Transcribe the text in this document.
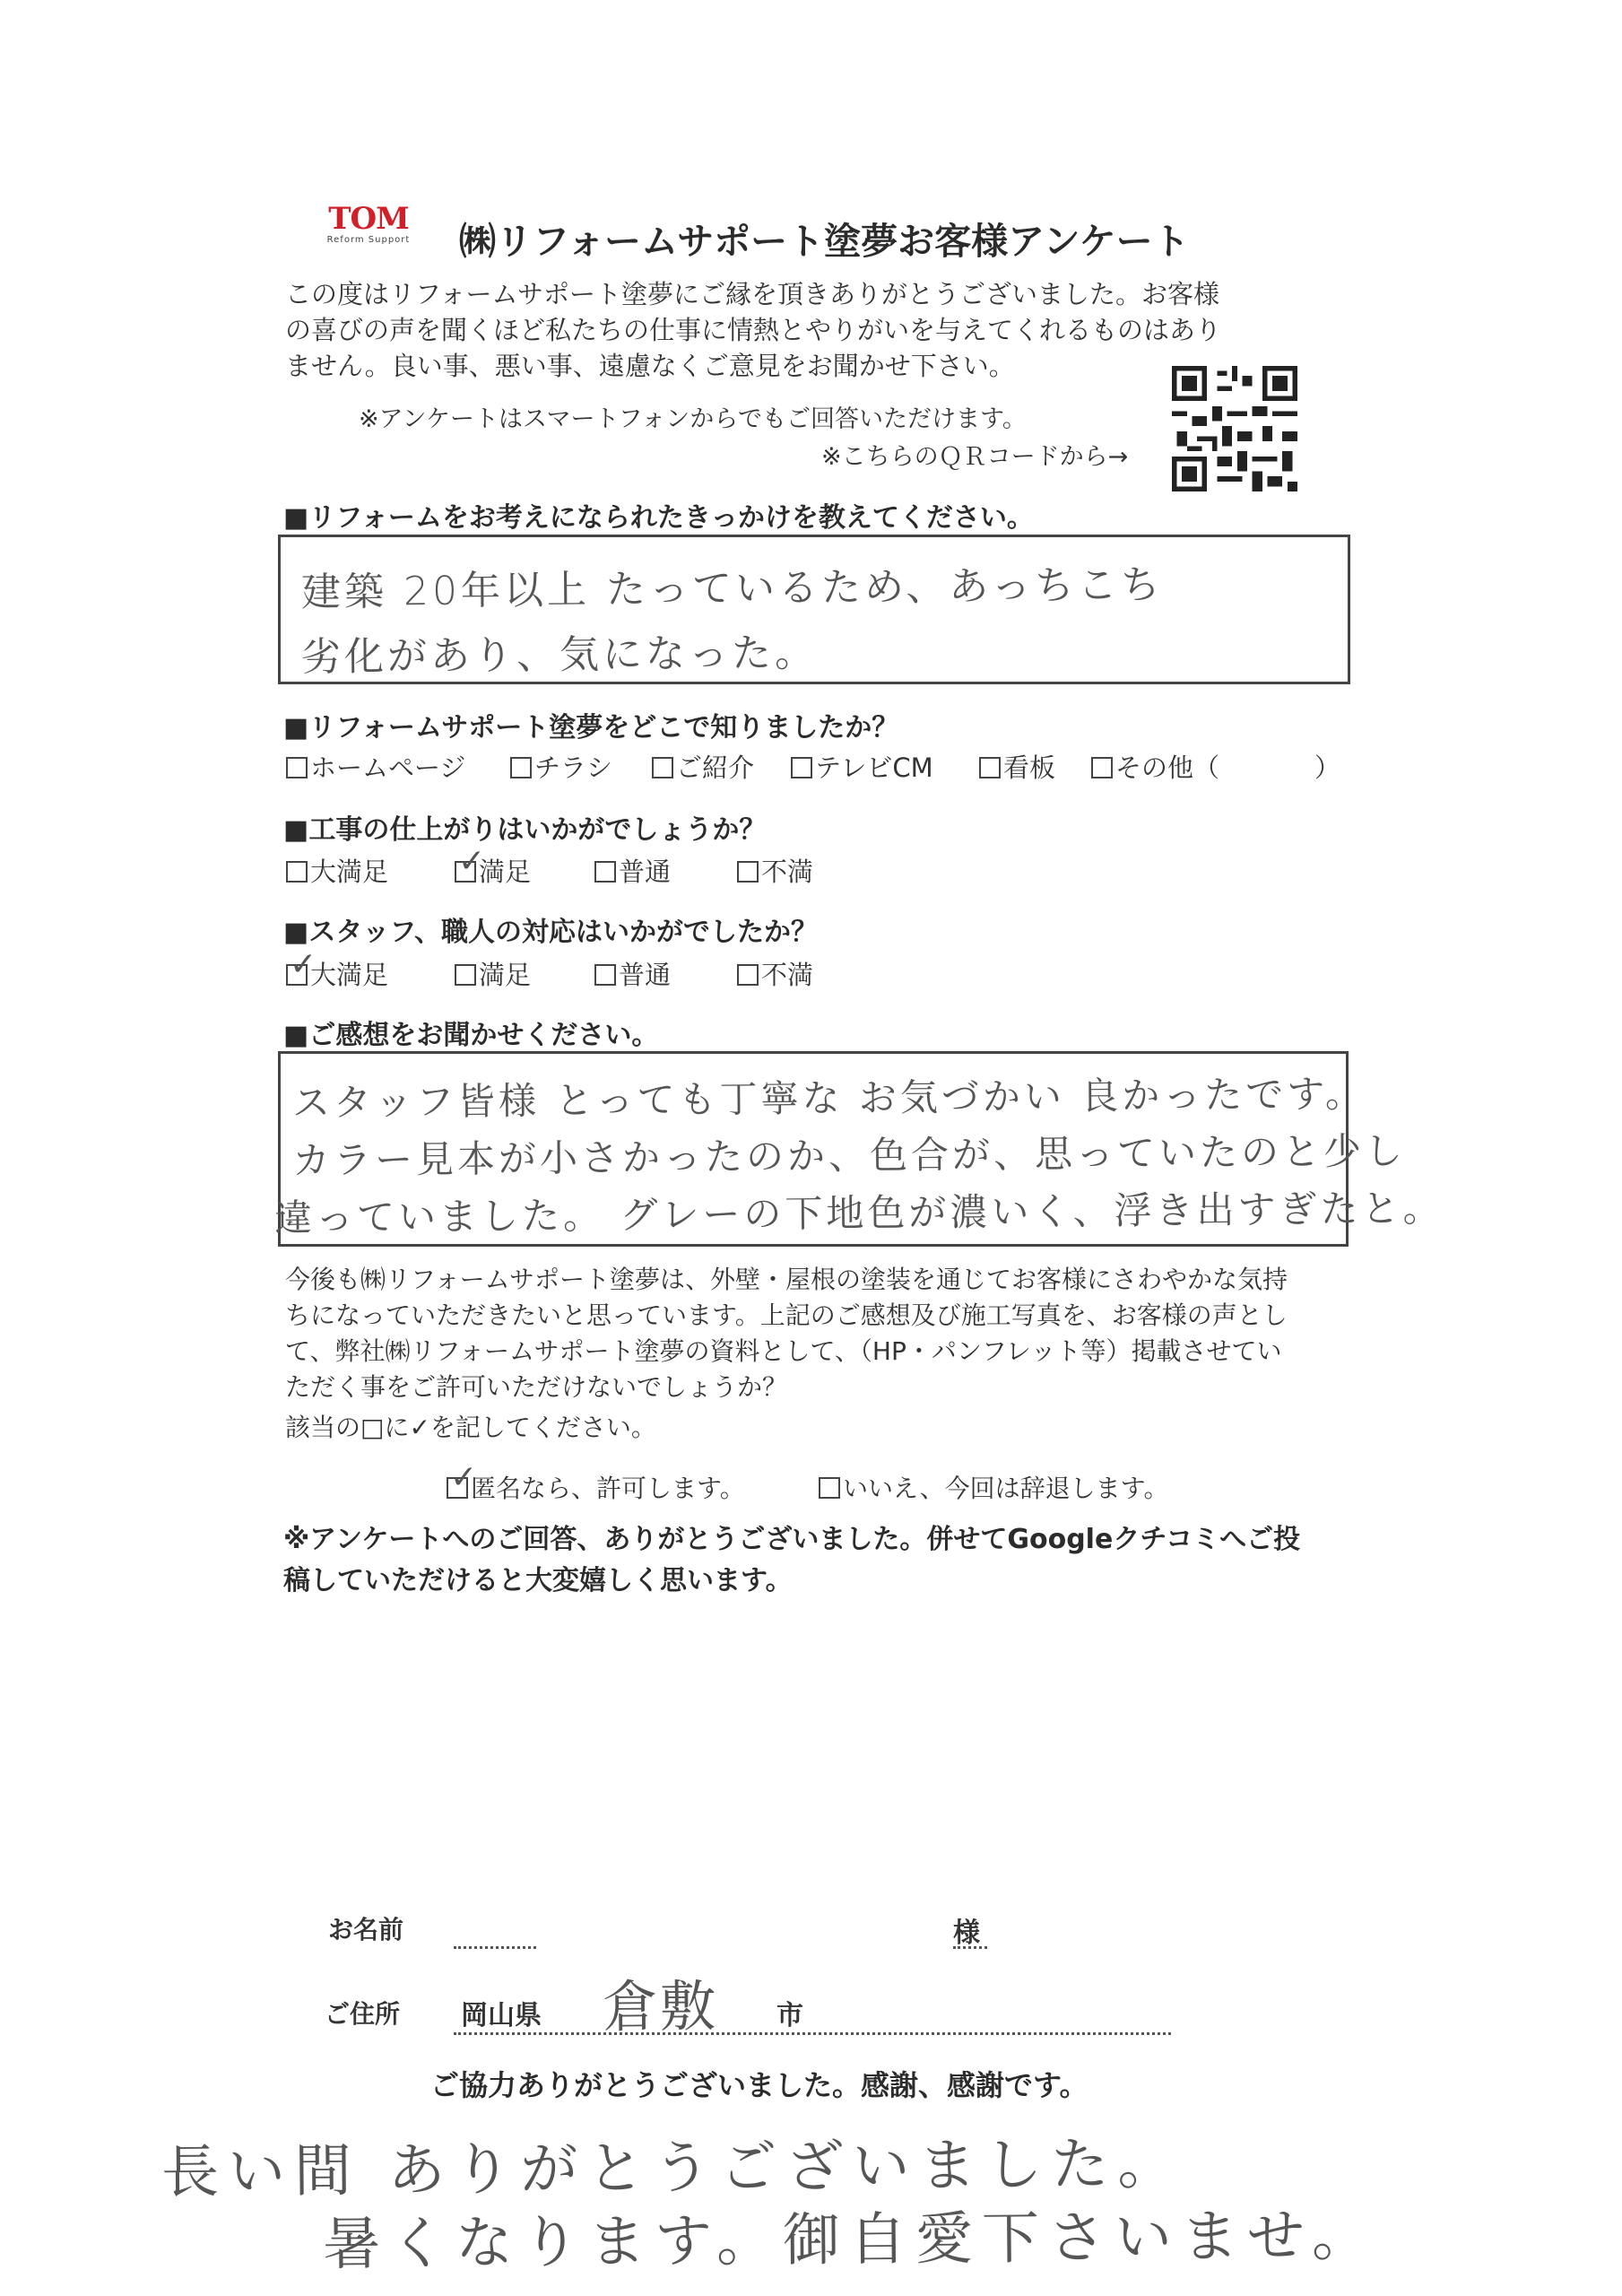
TOM
Reform Support	㈱リフォームサポート塗夢お客様アンケート
この度はリフォームサポート塗夢にご縁を頂きありがとうございました。お客様
の喜びの声を聞くほど私たちの仕事に情熱とやりがいを与えてくれるものはあり
ません。良い事、悪い事、遠慮なくご意見をお聞かせ下さい。
※アンケートはスマートフォンからでもご回答いただけます。
※こちらのＱＲコードから→
■リフォームをお考えになられたきっかけを教えてください。
建築 20年以上 たっているため、あっちこち
劣化があり、気になった。
■リフォームサポート塗夢をどこで知りましたか？
ホームページ	チラシ	ご紹介	テレビCM	看板	その他（	）
■工事の仕上がりはいかがでしょうか？
大満足 ✓
満足	普通	不満
■スタッフ、職人の対応はいかがでしたか？
✓
大満足	満足	普通	不満
■ご感想をお聞かせください。
スタッフ皆様 とっても丁寧な お気づかい 良かったです。
カラー見本が小さかったのか、色合が、思っていたのと少し
違っていました。 グレーの下地色が濃いく、浮き出すぎたと。
今後も㈱リフォームサポート塗夢は、外壁・屋根の塗装を通じてお客様にさわやかな気持
ちになっていただきたいと思っています。上記のご感想及び施工写真を、お客様の声とし
て、弊社㈱リフォームサポート塗夢の資料として、（HP・パンフレット等）掲載させてい
ただく事をご許可いただけないでしょうか？
該当の□に✓を記してください。
✓
匿名なら、許可します。	いいえ、今回は辞退します。
※アンケートへのご回答、ありがとうございました。併せてGoogleクチコミへご投
稿していただけると大変嬉しく思います。
お名前	様
ご住所 岡山県 倉敷 市
ご協力ありがとうございました。感謝、感謝です。
長い間 ありがとうございました。
暑くなります。御自愛下さいませ。
